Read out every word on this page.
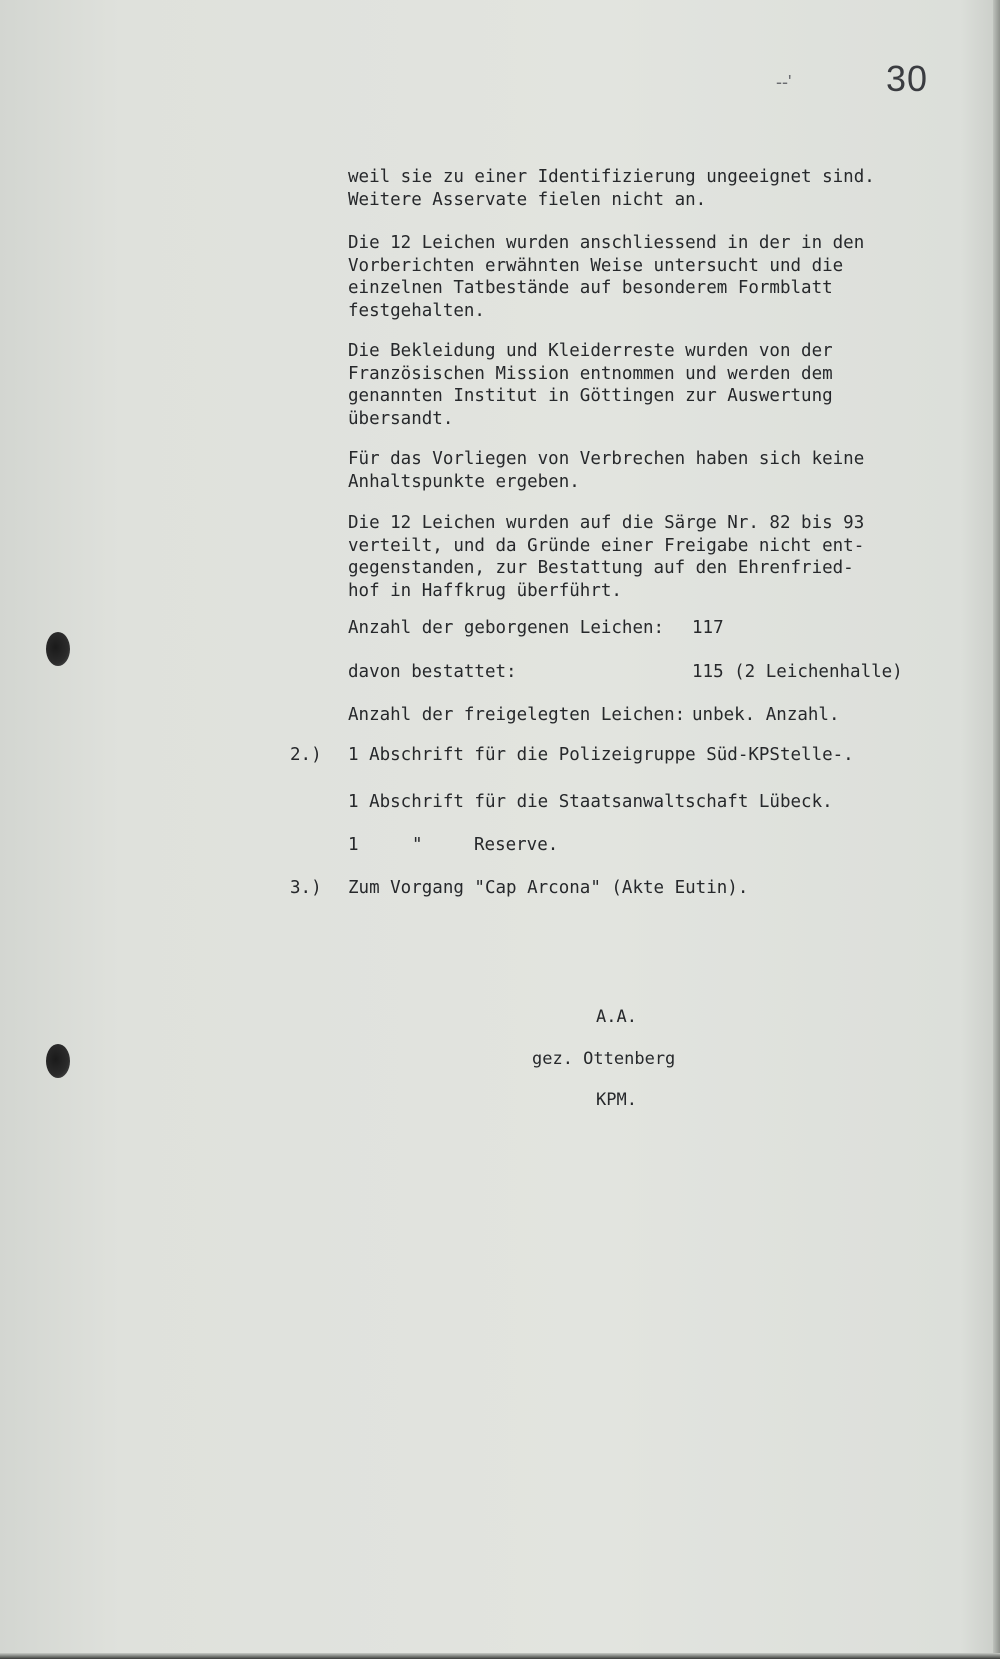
--'	30
weil sie zu einer Identifizierung ungeeignet sind.
Weitere Asservate fielen nicht an.
Die 12 Leichen wurden anschliessend in der in den
Vorberichten erwähnten Weise untersucht und die
einzelnen Tatbestände auf besonderem Formblatt
festgehalten.
Die Bekleidung und Kleiderreste wurden von der
Französischen Mission entnommen und werden dem
genannten Institut in Göttingen zur Auswertung
übersandt.
Für das Vorliegen von Verbrechen haben sich keine
Anhaltspunkte ergeben.
Die 12 Leichen wurden auf die Särge Nr. 82 bis 93
verteilt, und da Gründe einer Freigabe nicht ent-
gegenstanden, zur Bestattung auf den Ehrenfried-
hof in Haffkrug überführt.
Anzahl der geborgenen Leichen: 117
davon bestattet:	115 (2 Leichenhalle)
Anzahl der freigelegten Leichen: unbek. Anzahl.
2.) 1 Abschrift für die Polizeigruppe Süd-KPStelle-.
1 Abschrift für die Staatsanwaltschaft Lübeck.
1	"	Reserve.
3.) Zum Vorgang "Cap Arcona" (Akte Eutin).
A.A.
gez. Ottenberg
KPM.
